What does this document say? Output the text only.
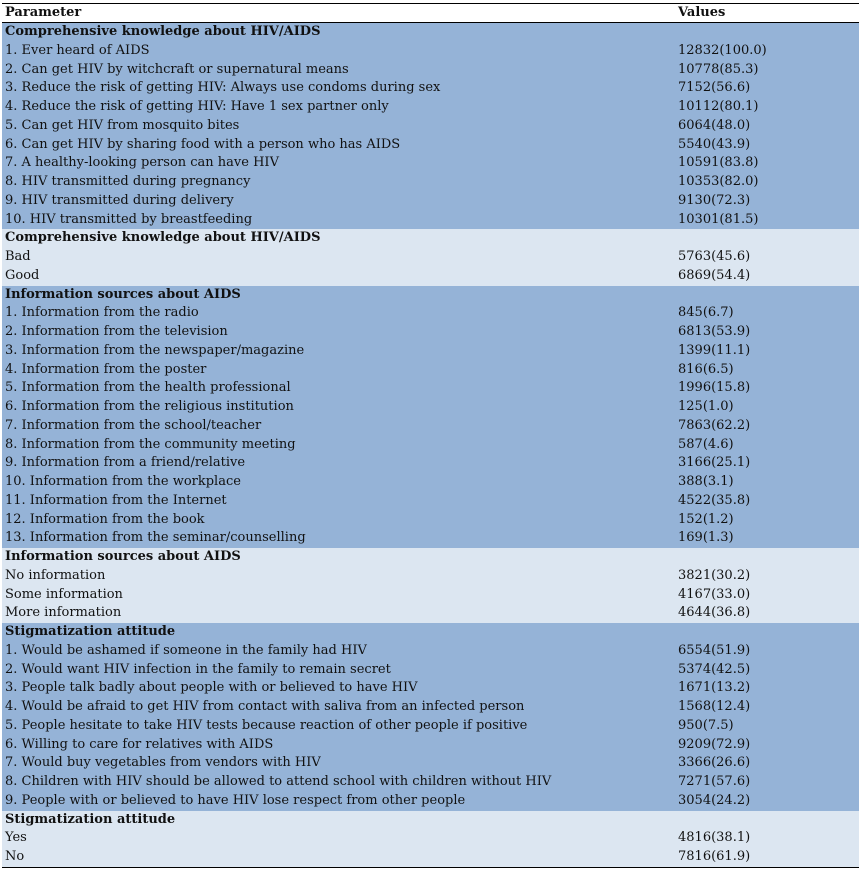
Parameter	Values
Comprehensive knowledge about HIV/AIDS
1. Ever heard of AIDS	12832(100.0)
2. Can get HIV by witchcraft or supernatural means	10778(85.3)
3. Reduce the risk of getting HIV: Always use condoms during sex	7152(56.6)
4. Reduce the risk of getting HIV: Have 1 sex partner only	10112(80.1)
5. Can get HIV from mosquito bites	6064(48.0)
6. Can get HIV by sharing food with a person who has AIDS	5540(43.9)
7. A healthy-looking person can have HIV	10591(83.8)
8. HIV transmitted during pregnancy	10353(82.0)
9. HIV transmitted during delivery	9130(72.3)
10. HIV transmitted by breastfeeding	10301(81.5)
Comprehensive knowledge about HIV/AIDS
Bad	5763(45.6)
Good	6869(54.4)
Information sources about AIDS
1. Information from the radio	845(6.7)
2. Information from the television	6813(53.9)
3. Information from the newspaper/magazine	1399(11.1)
4. Information from the poster	816(6.5)
5. Information from the health professional	1996(15.8)
6. Information from the religious institution	125(1.0)
7. Information from the school/teacher	7863(62.2)
8. Information from the community meeting	587(4.6)
9. Information from a friend/relative	3166(25.1)
10. Information from the workplace	388(3.1)
11. Information from the Internet	4522(35.8)
12. Information from the book	152(1.2)
13. Information from the seminar/counselling	169(1.3)
Information sources about AIDS
No information	3821(30.2)
Some information	4167(33.0)
More information	4644(36.8)
Stigmatization attitude
1. Would be ashamed if someone in the family had HIV	6554(51.9)
2. Would want HIV infection in the family to remain secret	5374(42.5)
3. People talk badly about people with or believed to have HIV	1671(13.2)
4. Would be afraid to get HIV from contact with saliva from an infected person	1568(12.4)
5. People hesitate to take HIV tests because reaction of other people if positive	950(7.5)
6. Willing to care for relatives with AIDS	9209(72.9)
7. Would buy vegetables from vendors with HIV	3366(26.6)
8. Children with HIV should be allowed to attend school with children without HIV	7271(57.6)
9. People with or believed to have HIV lose respect from other people	3054(24.2)
Stigmatization attitude
Yes	4816(38.1)
No	7816(61.9)
